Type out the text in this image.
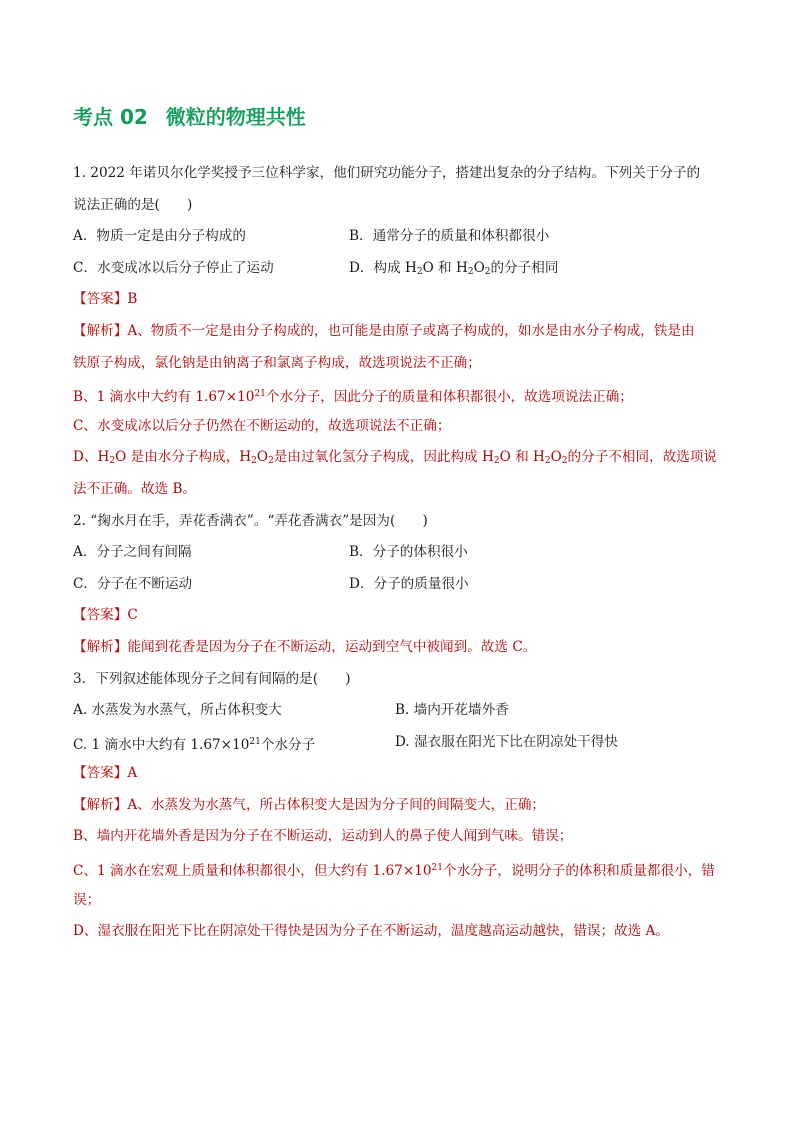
考点 02 微粒的物理共性
1. 2022 年诺贝尔化学奖授予三位科学家，他们研究功能分子，搭建出复杂的分子结构。下列关于分子的
说法正确的是(　　)
A．物质一定是由分子构成的	B．通常分子的质量和体积都很小
C．水变成冰以后分子停止了运动	D．构成 $H_2O$ 和 $H_2O_2$的分子相同
【答案】B
【解析】A、物质不一定是由分子构成的，也可能是由原子或离子构成的，如水是由水分子构成，铁是由
铁原子构成，氯化钠是由钠离子和氯离子构成，故选项说法不正确；
B、1 滴水中大约有 $1.67\times 10^{21}$个水分子，因此分子的质量和体积都很小，故选项说法正确；
C、水变成冰以后分子仍然在不断运动的，故选项说法不正确；
D、$H_2O$ 是由水分子构成，$H_2O_2$是由过氧化氢分子构成，因此构成 $H_2O$ 和 $H_2O_2$的分子不相同，故选项说
法不正确。故选 B。
2. “掬水月在手，弄花香满衣”。“弄花香满衣”是因为(　　)
A．分子之间有间隔	B．分子的体积很小
C．分子在不断运动	D．分子的质量很小
【答案】C
【解析】能闻到花香是因为分子在不断运动，运动到空气中被闻到。故选 C。
3．下列叙述能体现分子之间有间隔的是(　　)
A. 水蒸发为水蒸气，所占体积变大	B. 墙内开花墙外香
C. 1 滴水中大约有 $1.67\times 10^{21}$个水分子	D. 湿衣服在阳光下比在阴凉处干得快
【答案】A
【解析】A、水蒸发为水蒸气，所占体积变大是因为分子间的间隔变大，正确；
B、墙内开花墙外香是因为分子在不断运动，运动到人的鼻子使人闻到气味。错误；
C、1 滴水在宏观上质量和体积都很小，但大约有 $1.67\times 10^{21}$个水分子，说明分子的体积和质量都很小，错
误；
D、湿衣服在阳光下比在阴凉处干得快是因为分子在不断运动，温度越高运动越快，错误；故选 A。
